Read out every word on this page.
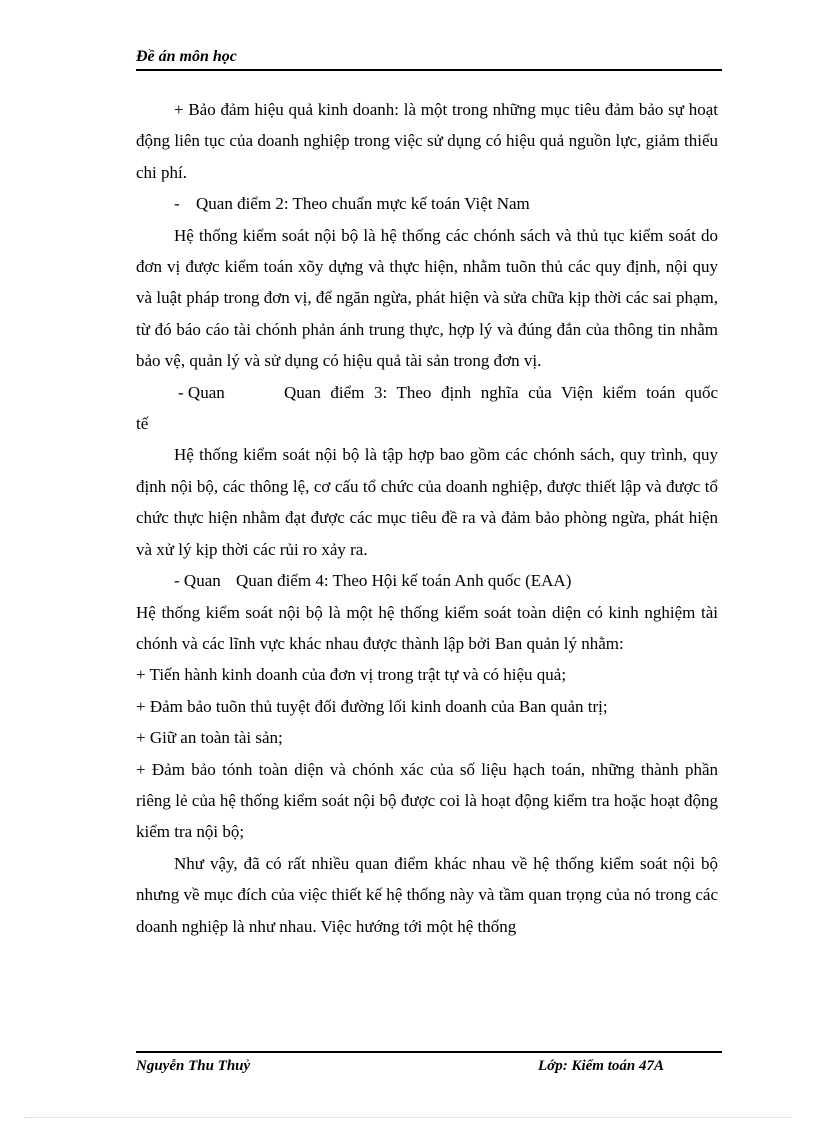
Đề án môn học

+ Bảo đảm hiệu quả kinh doanh: là một trong những mục tiêu đảm bảo sự hoạt động liên tục của doanh nghiệp trong việc sử dụng có hiệu quả nguồn lực, giảm thiểu chi phí.

- Quan điểm 2: Theo chuẩn mực kế toán Việt Nam

Hệ thống kiểm soát nội bộ là hệ thống các chónh sách và thủ tục kiểm soát do đơn vị được kiểm toán xõy dựng và thực hiện, nhằm tuõn thủ các quy định, nội quy và luật pháp trong đơn vị, để ngăn ngừa, phát hiện và sửa chữa kịp thời các sai phạm, từ đó báo cáo tài chónh phản ánh trung thực, hợp lý và đúng đắn của thông tin nhằm bảo vệ, quản lý và sử dụng có hiệu quả tài sản trong đơn vị.

- Quan	Quan điểm 3: Theo định nghĩa của Viện kiểm toán quốc

tế

Hệ thống kiểm soát nội bộ là tập hợp bao gồm các chónh sách, quy trình, quy định nội bộ, các thông lệ, cơ cấu tổ chức của doanh nghiệp, được thiết lập và được tổ chức thực hiện nhằm đạt được các mục tiêu đề ra và đảm bảo phòng ngừa, phát hiện và xử lý kịp thời các rủi ro xảy ra.

- Quan Quan điểm 4: Theo Hội kế toán Anh quốc (EAA)

Hệ thống kiểm soát nội bộ là một hệ thống kiểm soát toàn diện có kinh nghiệm tài chónh và các lĩnh vực khác nhau được thành lập bởi Ban quản lý nhằm:

+ Tiến hành kinh doanh của đơn vị trong trật tự và có hiệu quả;

+ Đảm bảo tuõn thủ tuyệt đối đường lối kinh doanh của Ban quản trị;

+ Giữ an toàn tài sản;

+ Đảm bảo tónh toàn diện và chónh xác của số liệu hạch toán, những thành phần riêng lẻ của hệ thống kiểm soát nội bộ được coi là hoạt động kiểm tra hoặc hoạt động kiểm tra nội bộ;

Như vậy, đã có rất nhiều quan điểm khác nhau về hệ thống kiểm soát nội bộ nhưng về mục đích của việc thiết kế hệ thống này và tầm quan trọng của nó trong các doanh nghiệp là như nhau. Việc hướng tới một hệ thống

Nguyễn Thu Thuỷ	Lớp: Kiểm toán 47A
